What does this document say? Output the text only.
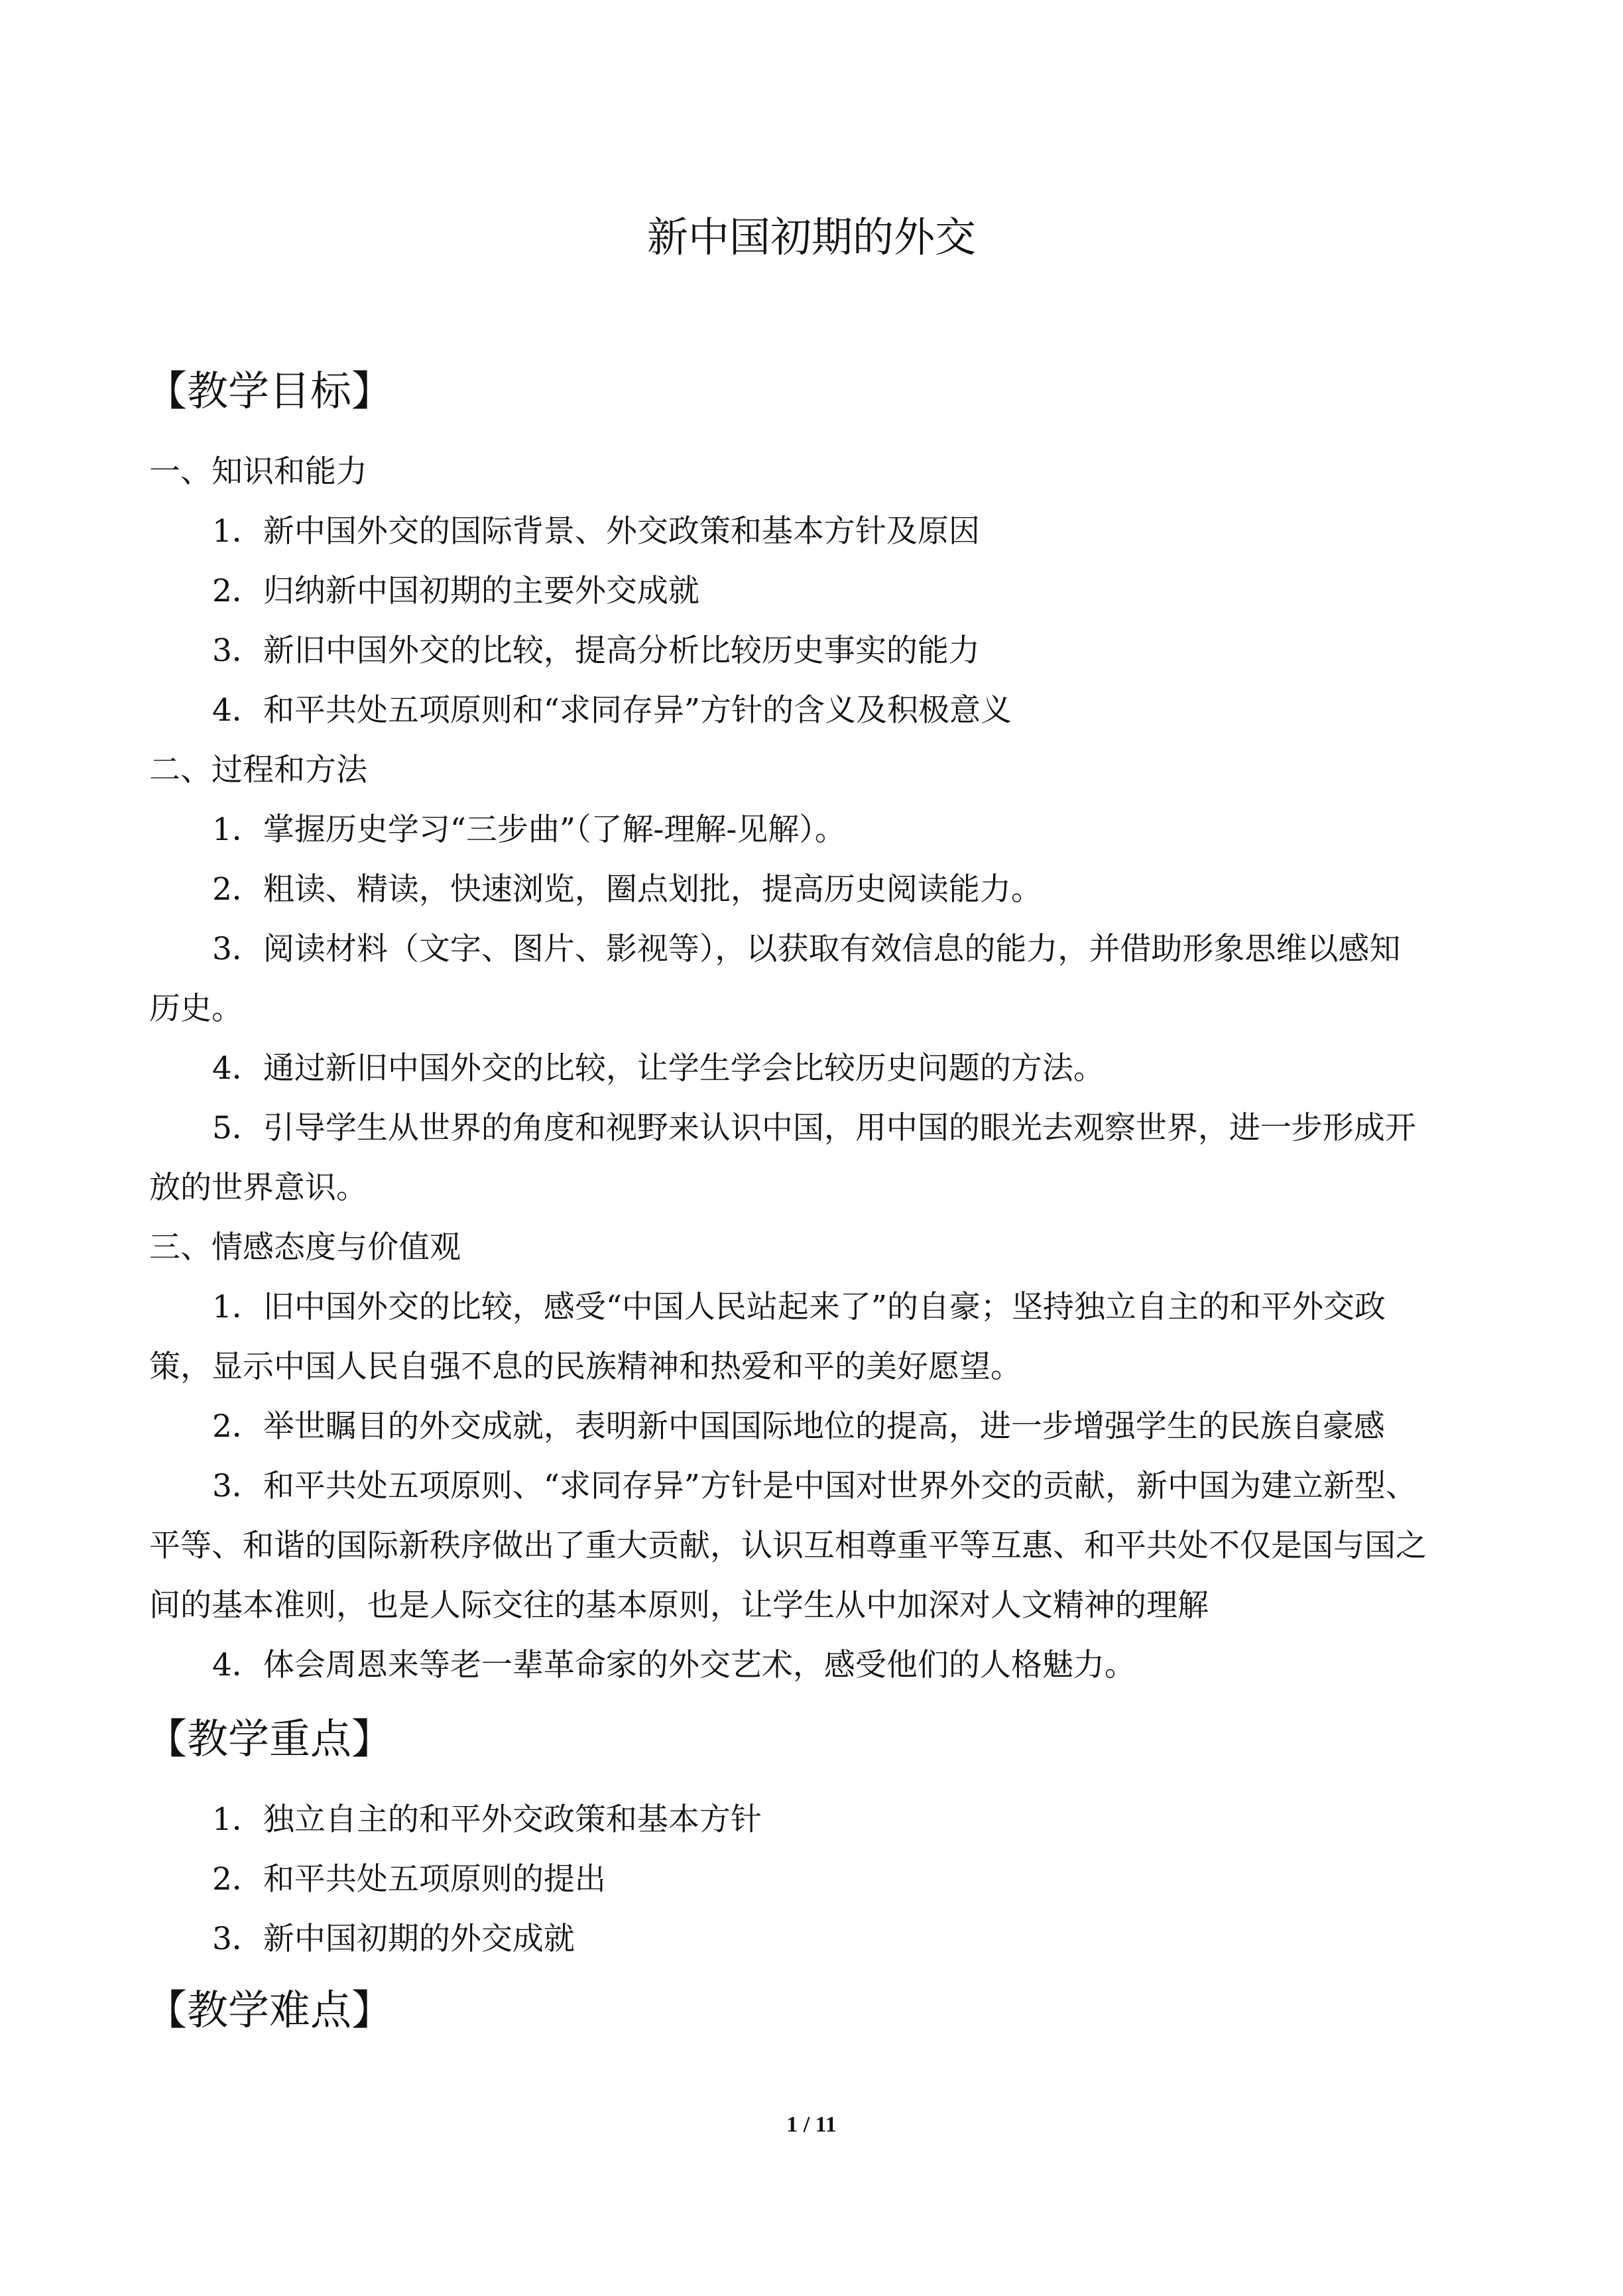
新中国初期的外交
【教学目标】
一、知识和能力
1．新中国外交的国际背景、外交政策和基本方针及原因
2．归纳新中国初期的主要外交成就
3．新旧中国外交的比较，提高分析比较历史事实的能力
4．和平共处五项原则和“求同存异”方针的含义及积极意义
二、过程和方法
1．掌握历史学习“三步曲”（了解-理解-见解）。
2．粗读、精读，快速浏览，圈点划批，提高历史阅读能力。
3．阅读材料（文字、图片、影视等），以获取有效信息的能力，并借助形象思维以感知
历史。
4．通过新旧中国外交的比较，让学生学会比较历史问题的方法。
5．引导学生从世界的角度和视野来认识中国，用中国的眼光去观察世界，进一步形成开
放的世界意识。
三、情感态度与价值观
1．旧中国外交的比较，感受“中国人民站起来了”的自豪；坚持独立自主的和平外交政
策，显示中国人民自强不息的民族精神和热爱和平的美好愿望。
2．举世瞩目的外交成就，表明新中国国际地位的提高，进一步增强学生的民族自豪感
3．和平共处五项原则、“求同存异”方针是中国对世界外交的贡献，新中国为建立新型、
平等、和谐的国际新秩序做出了重大贡献，认识互相尊重平等互惠、和平共处不仅是国与国之
间的基本准则，也是人际交往的基本原则，让学生从中加深对人文精神的理解
4．体会周恩来等老一辈革命家的外交艺术，感受他们的人格魅力。
【教学重点】
1．独立自主的和平外交政策和基本方针
2．和平共处五项原则的提出
3．新中国初期的外交成就
【教学难点】
1 / 11
